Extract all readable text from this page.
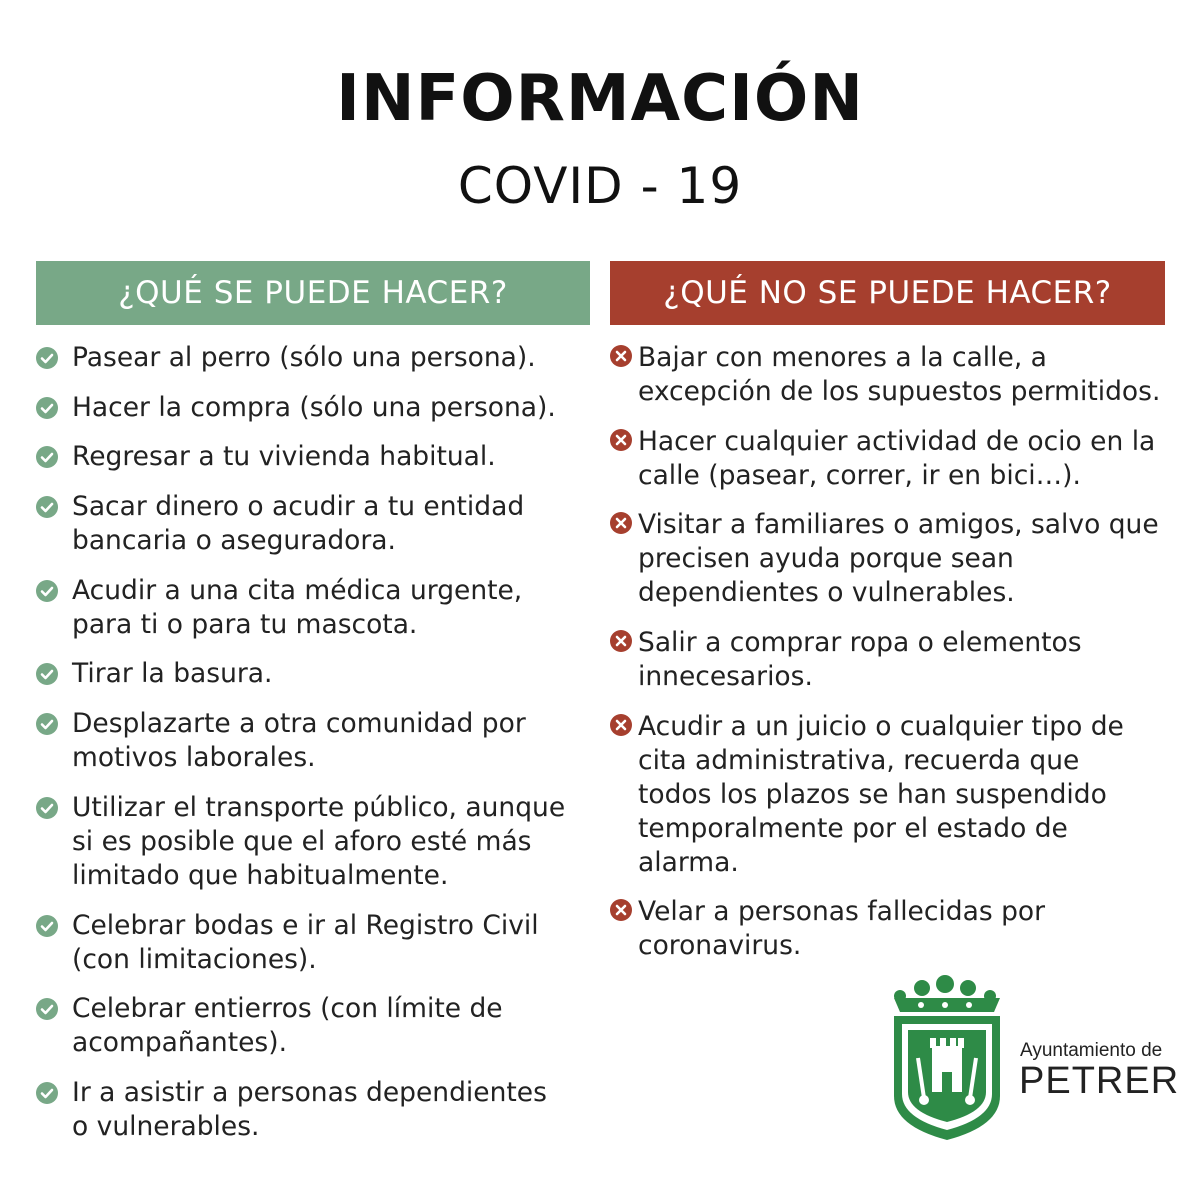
INFORMACIÓN
COVID - 19
¿QUÉ SE PUEDE HACER?
Pasear al perro (sólo una persona).
Hacer la compra (sólo una persona).
Regresar a tu vivienda habitual.
Sacar dinero o acudir a tu entidad
bancaria o aseguradora.
Acudir a una cita médica urgente,
para ti o para tu mascota.
Tirar la basura.
Desplazarte a otra comunidad por
motivos laborales.
Utilizar el transporte público, aunque
si es posible que el aforo esté más
limitado que habitualmente.
Celebrar bodas e ir al Registro Civil
(con limitaciones).
Celebrar entierros (con límite de
acompañantes).
Ir a asistir a personas dependientes
o vulnerables.
¿QUÉ NO SE PUEDE HACER?
Bajar con menores a la calle, a
excepción de los supuestos permitidos.
Hacer cualquier actividad de ocio en la
calle (pasear, correr, ir en bici…).
Visitar a familiares o amigos, salvo que
precisen ayuda porque sean
dependientes o vulnerables.
Salir a comprar ropa o elementos
innecesarios.
Acudir a un juicio o cualquier tipo de
cita administrativa, recuerda que
todos los plazos se han suspendido
temporalmente por el estado de alarma.
Velar a personas fallecidas por
coronavirus.
Ayuntamiento de
PETRER
